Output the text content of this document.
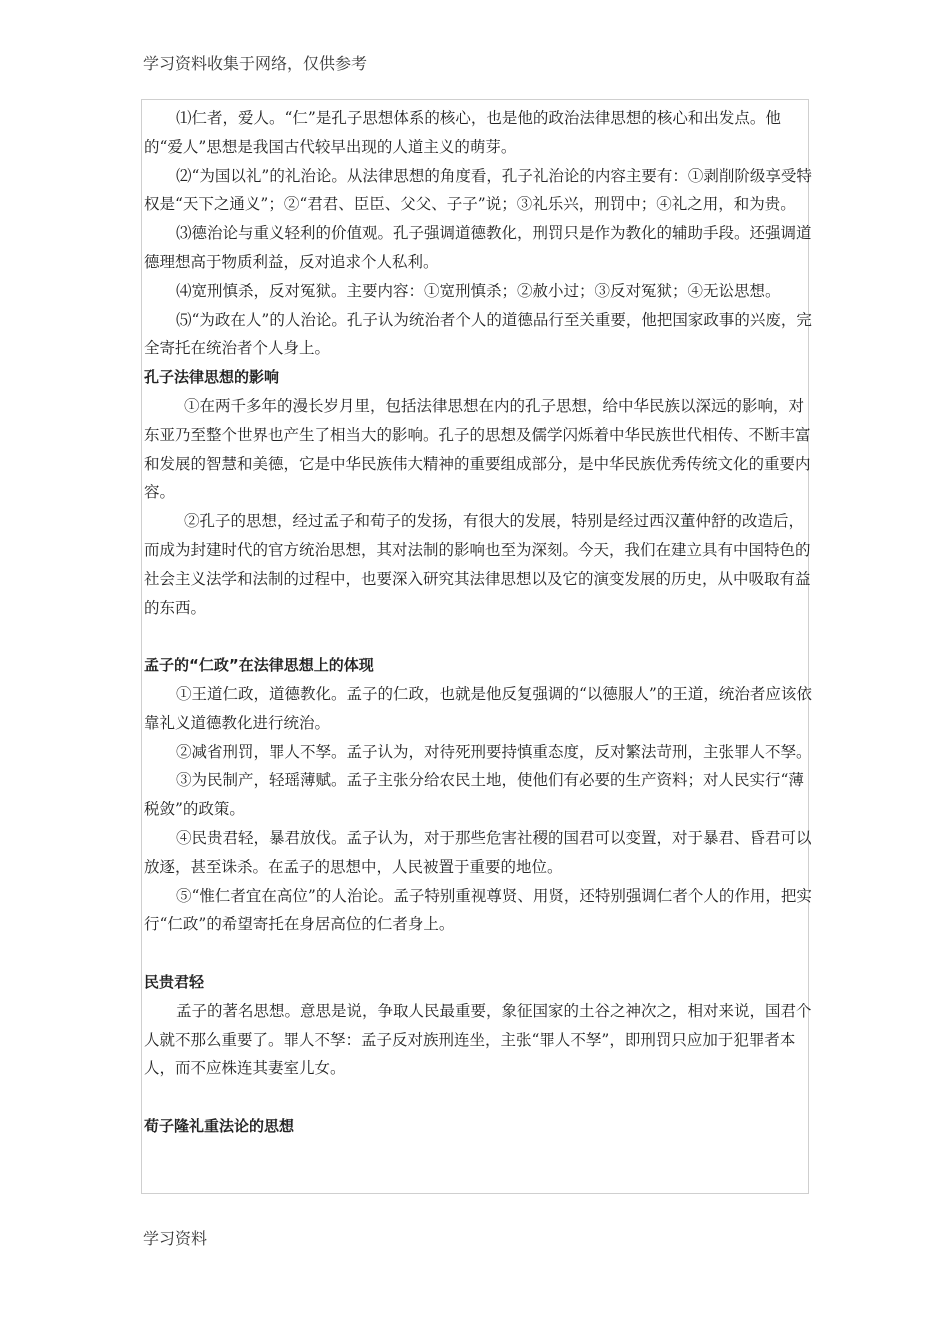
学习资料收集于网络，仅供参考

⑴仁者，爱人。“仁”是孔子思想体系的核心，也是他的政治法律思想的核心和出发点。他的“爱人”思想是我国古代较早出现的人道主义的萌芽。

⑵“为国以礼”的礼治论。从法律思想的角度看，孔子礼治论的内容主要有：①剥削阶级享受特权是“天下之通义”；②“君君、臣臣、父父、子子”说；③礼乐兴，刑罚中；④礼之用，和为贵。

⑶德治论与重义轻利的价值观。孔子强调道德教化，刑罚只是作为教化的辅助手段。还强调道德理想高于物质利益，反对追求个人私利。

⑷宽刑慎杀，反对冤狱。主要内容：①宽刑慎杀；②赦小过；③反对冤狱；④无讼思想。

⑸“为政在人”的人治论。孔子认为统治者个人的道德品行至关重要，他把国家政事的兴废，完全寄托在统治者个人身上。

孔子法律思想的影响

①在两千多年的漫长岁月里，包括法律思想在内的孔子思想，给中华民族以深远的影响，对东亚乃至整个世界也产生了相当大的影响。孔子的思想及儒学闪烁着中华民族世代相传、不断丰富和发展的智慧和美德，它是中华民族伟大精神的重要组成部分，是中华民族优秀传统文化的重要内容。

②孔子的思想，经过孟子和荀子的发扬，有很大的发展，特别是经过西汉董仲舒的改造后，而成为封建时代的官方统治思想，其对法制的影响也至为深刻。今天，我们在建立具有中国特色的社会主义法学和法制的过程中，也要深入研究其法律思想以及它的演变发展的历史，从中吸取有益的东西。

孟子的“仁政”在法律思想上的体现

①王道仁政，道德教化。孟子的仁政，也就是他反复强调的“以德服人”的王道，统治者应该依靠礼义道德教化进行统治。

②减省刑罚，罪人不孥。孟子认为，对待死刑要持慎重态度，反对繁法苛刑，主张罪人不孥。

③为民制产，轻瑶薄赋。孟子主张分给农民土地，使他们有必要的生产资料；对人民实行“薄税敛”的政策。

④民贵君轻，暴君放伐。孟子认为，对于那些危害社稷的国君可以变置，对于暴君、昏君可以放逐，甚至诛杀。在孟子的思想中，人民被置于重要的地位。

⑤“惟仁者宜在高位”的人治论。孟子特别重视尊贤、用贤，还特别强调仁者个人的作用，把实行“仁政”的希望寄托在身居高位的仁者身上。

民贵君轻

孟子的著名思想。意思是说，争取人民最重要，象征国家的土谷之神次之，相对来说，国君个人就不那么重要了。罪人不孥：孟子反对族刑连坐，主张“罪人不孥”，即刑罚只应加于犯罪者本人，而不应株连其妻室儿女。

荀子隆礼重法论的思想

学习资料
